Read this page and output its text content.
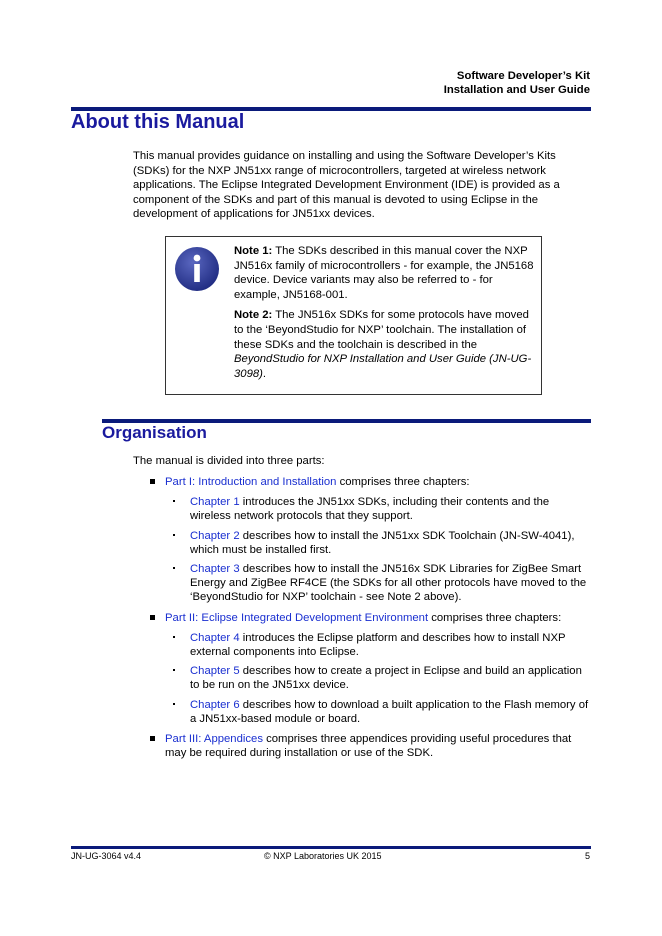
Software Developer’s Kit
Installation and User Guide
About this Manual

This manual provides guidance on installing and using the Software Developer’s Kits (SDKs) for the NXP JN51xx range of microcontrollers, targeted at wireless network applications. The Eclipse Integrated Development Environment (IDE) is provided as a component of the SDKs and part of this manual is devoted to using Eclipse in the development of applications for JN51xx devices.

Note 1: The SDKs described in this manual cover the NXP JN516x family of microcontrollers - for example, the JN5168 device. Device variants may also be referred to - for example, JN5168-001.

Note 2: The JN516x SDKs for some protocols have moved to the ‘BeyondStudio for NXP’ toolchain. The installation of these SDKs and the toolchain is described in the BeyondStudio for NXP Installation and User Guide (JN-UG-3098).

Organisation

The manual is divided into three parts:

Part I: Introduction and Installation comprises three chapters:
Chapter 1 introduces the JN51xx SDKs, including their contents and the wireless network protocols that they support.
Chapter 2 describes how to install the JN51xx SDK Toolchain (JN-SW-4041), which must be installed first.
Chapter 3 describes how to install the JN516x SDK Libraries for ZigBee Smart Energy and ZigBee RF4CE (the SDKs for all other protocols have moved to the ‘BeyondStudio for NXP’ toolchain - see Note 2 above).
Part II: Eclipse Integrated Development Environment comprises three chapters:
Chapter 4 introduces the Eclipse platform and describes how to install NXP external components into Eclipse.
Chapter 5 describes how to create a project in Eclipse and build an application to be run on the JN51xx device.
Chapter 6 describes how to download a built application to the Flash memory of a JN51xx-based module or board.
Part III: Appendices comprises three appendices providing useful procedures that may be required during installation or use of the SDK.
JN-UG-3064 v4.4	© NXP Laboratories UK 2015	5
